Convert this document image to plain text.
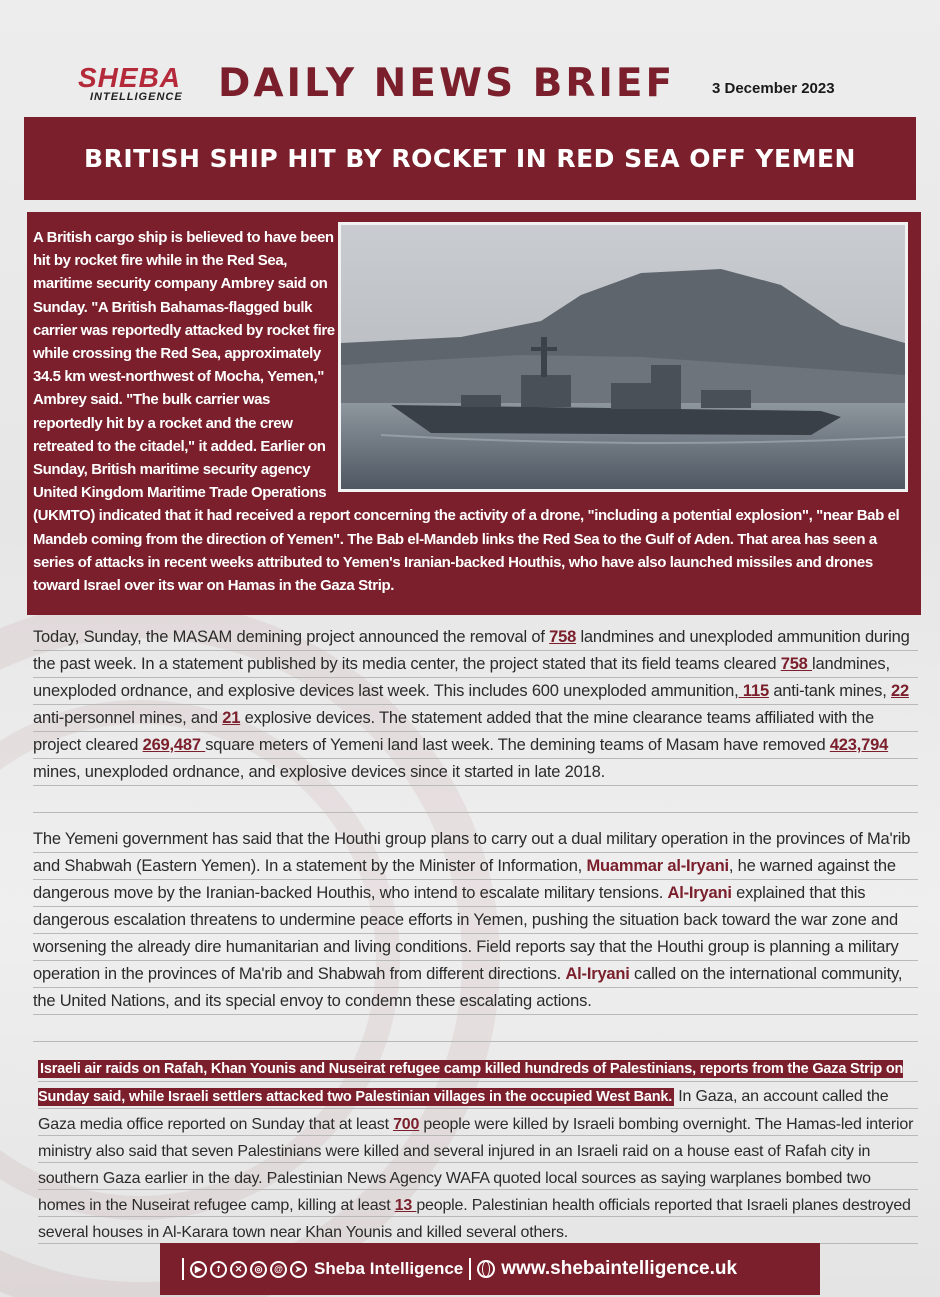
SHEBA
INTELLIGENCE DAILY NEWS BRIEF 3 December 2023
BRITISH SHIP HIT BY ROCKET IN RED SEA OFF YEMEN
A British cargo ship is believed to have been hit by rocket fire while in the Red Sea, maritime security company Ambrey said on Sunday. "A British Bahamas-flagged bulk carrier was reportedly attacked by rocket fire while crossing the Red Sea, approximately 34.5 km west-northwest of Mocha, Yemen," Ambrey said. "The bulk carrier was reportedly hit by a rocket and the crew retreated to the citadel," it added. Earlier on Sunday, British maritime security agency United Kingdom Maritime Trade Operations (UKMTO) indicated that it had received a report concerning the activity of a drone, "including a potential explosion", "near Bab el Mandeb coming from the direction of Yemen". The Bab el-Mandeb links the Red Sea to the Gulf of Aden. That area has seen a series of attacks in recent weeks attributed to Yemen's Iranian-backed Houthis, who have also launched missiles and drones toward Israel over its war on Hamas in the Gaza Strip.
Today, Sunday, the MASAM demining project announced the removal of 758 landmines and unexploded ammunition during the past week. In a statement published by its media center, the project stated that its field teams cleared 758 landmines, unexploded ordnance, and explosive devices last week. This includes 600 unexploded ammunition, 115 anti-tank mines, 22 anti-personnel mines, and 21 explosive devices. The statement added that the mine clearance teams affiliated with the project cleared 269,487 square meters of Yemeni land last week. The demining teams of Masam have removed 423,794 mines, unexploded ordnance, and explosive devices since it started in late 2018.
The Yemeni government has said that the Houthi group plans to carry out a dual military operation in the provinces of Ma'rib and Shabwah (Eastern Yemen). In a statement by the Minister of Information, Muammar al-Iryani, he warned against the dangerous move by the Iranian-backed Houthis, who intend to escalate military tensions. Al-Iryani explained that this dangerous escalation threatens to undermine peace efforts in Yemen, pushing the situation back toward the war zone and worsening the already dire humanitarian and living conditions. Field reports say that the Houthi group is planning a military operation in the provinces of Ma'rib and Shabwah from different directions. Al-Iryani called on the international community, the United Nations, and its special envoy to condemn these escalating actions.
Israeli air raids on Rafah, Khan Younis and Nuseirat refugee camp killed hundreds of Palestinians, reports from the Gaza Strip on Sunday said, while Israeli settlers attacked two Palestinian villages in the occupied West Bank. In Gaza, an account called the Gaza media office reported on Sunday that at least 700 people were killed by Israeli bombing overnight. The Hamas-led interior ministry also said that seven Palestinians were killed and several injured in an Israeli raid on a house east of Rafah city in southern Gaza earlier in the day. Palestinian News Agency WAFA quoted local sources as saying warplanes bombed two homes in the Nuseirat refugee camp, killing at least 13 people. Palestinian health officials reported that Israeli planes destroyed several houses in Al-Karara town near Khan Younis and killed several others.
▶	f	✕	◎	@	➤ Sheba Intelligence www.shebaintelligence.uk
